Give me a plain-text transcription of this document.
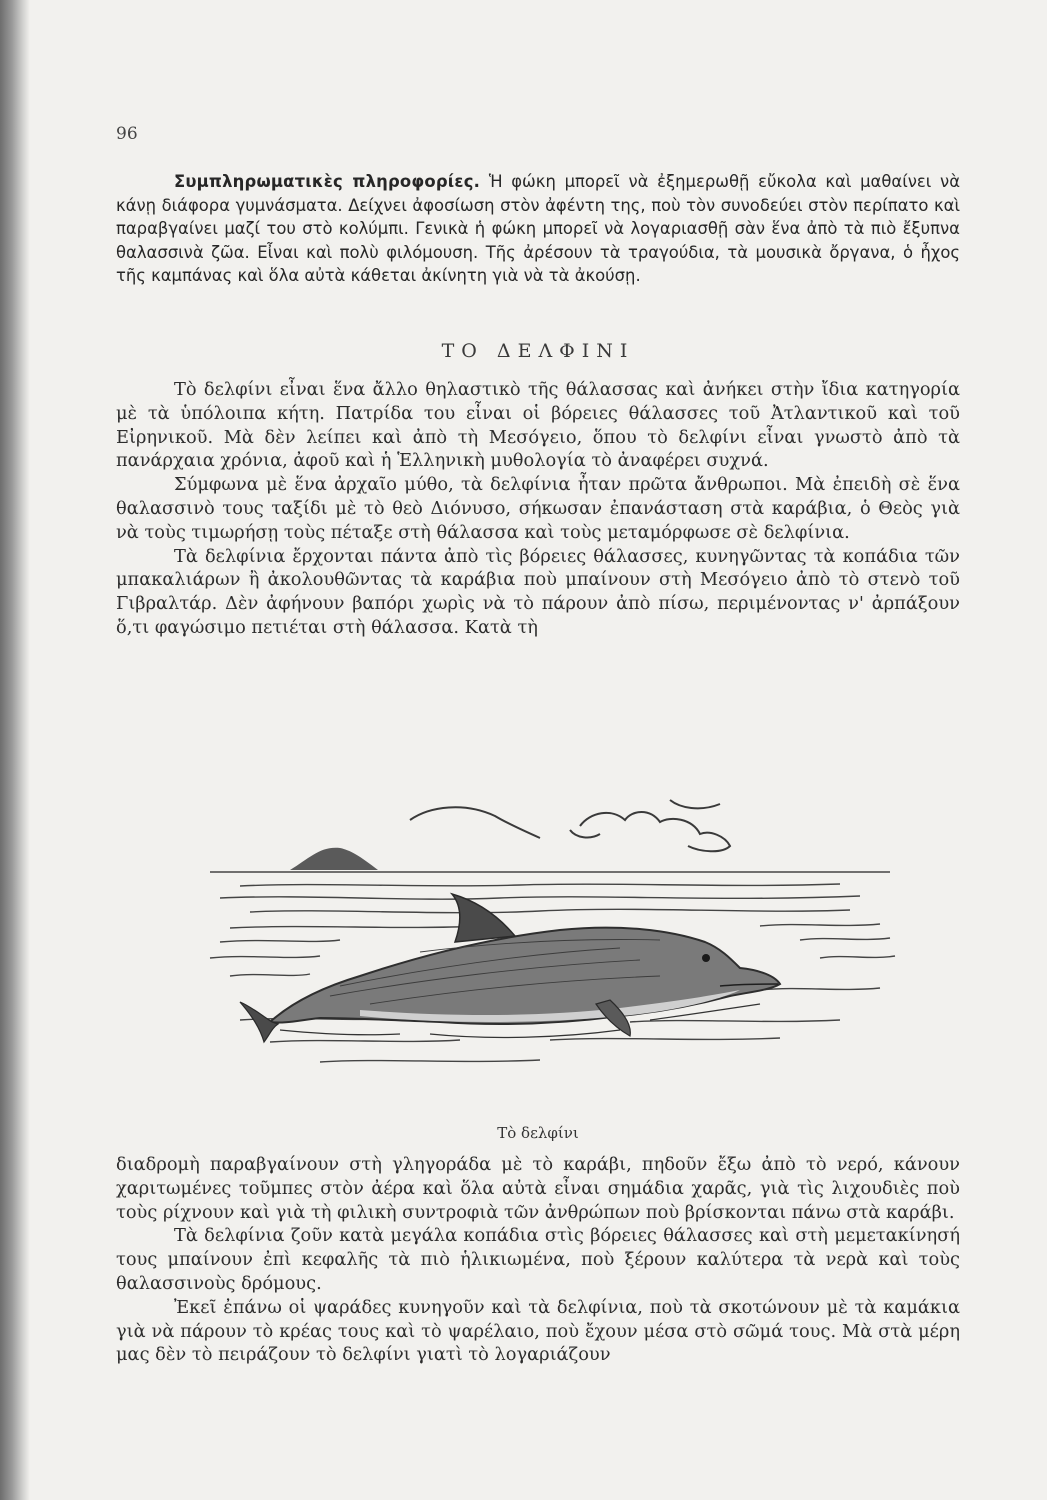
96

Συμπληρωματικὲς πληροφορίες. Ἡ φώκη μπορεῖ νὰ ἐξημερωθῇ εὔκολα καὶ μαθαίνει νὰ κάνῃ διάφορα γυμνάσματα. Δείχνει ἀφοσίωση στὸν ἀφέντη της, ποὺ τὸν συνοδεύει στὸν περίπατο καὶ παραβγαίνει μαζί του στὸ κολύμπι. Γενικὰ ἡ φώκη μπορεῖ νὰ λογαριασθῇ σὰν ἕνα ἀπὸ τὰ πιὸ ἔξυπνα θαλασσινὰ ζῶα. Εἶναι καὶ πολὺ φιλόμουση. Τῆς ἀρέσουν τὰ τραγούδια, τὰ μουσικὰ ὄργανα, ὁ ἦχος τῆς καμπάνας καὶ ὅλα αὐτὰ κάθεται ἀκίνητη γιὰ νὰ τὰ ἀκούσῃ.

ΤΟ ΔΕΛΦΙΝΙ

Τὸ δελφίνι εἶναι ἕνα ἄλλο θηλαστικὸ τῆς θάλασσας καὶ ἀνήκει στὴν ἴδια κατηγορία μὲ τὰ ὑπόλοιπα κήτη. Πατρίδα του εἶναι οἱ βόρειες θάλασσες τοῦ Ἀτλαντικοῦ καὶ τοῦ Εἰρηνικοῦ. Μὰ δὲν λείπει καὶ ἀπὸ τὴ Μεσόγειο, ὅπου τὸ δελφίνι εἶναι γνωστὸ ἀπὸ τὰ πανάρχαια χρόνια, ἀφοῦ καὶ ἡ Ἑλληνικὴ μυθολογία τὸ ἀναφέρει συχνά.

Σύμφωνα μὲ ἕνα ἀρχαῖο μύθο, τὰ δελφίνια ἦταν πρῶτα ἄνθρωποι. Μὰ ἐπειδὴ σὲ ἕνα θαλασσινὸ τους ταξίδι μὲ τὸ θεὸ Διόνυσο, σήκωσαν ἐπανάσταση στὰ καράβια, ὁ Θεὸς γιὰ νὰ τοὺς τιμωρήσῃ τοὺς πέταξε στὴ θάλασσα καὶ τοὺς μεταμόρφωσε σὲ δελφίνια.

Τὰ δελφίνια ἔρχονται πάντα ἀπὸ τὶς βόρειες θάλασσες, κυνηγῶντας τὰ κοπάδια τῶν μπακαλιάρων ἢ ἀκολουθῶντας τὰ καράβια ποὺ μπαίνουν στὴ Μεσόγειο ἀπὸ τὸ στενὸ τοῦ Γιβραλτάρ. Δὲν ἀφήνουν βαπόρι χωρὶς νὰ τὸ πάρουν ἀπὸ πίσω, περιμένοντας ν' ἀρπάξουν ὅ,τι φαγώσιμο πετιέται στὴ θάλασσα. Κατὰ τὴ

Τὸ δελφίνι

διαδρομὴ παραβγαίνουν στὴ γληγοράδα μὲ τὸ καράβι, πηδοῦν ἔξω ἀπὸ τὸ νερό, κάνουν χαριτωμένες τοῦμπες στὸν ἀέρα καὶ ὅλα αὐτὰ εἶναι σημάδια χαρᾶς, γιὰ τὶς λιχουδιὲς ποὺ τοὺς ρίχνουν καὶ γιὰ τὴ φιλικὴ συντροφιὰ τῶν ἀνθρώπων ποὺ βρίσκονται πάνω στὰ καράβι.

Τὰ δελφίνια ζοῦν κατὰ μεγάλα κοπάδια στὶς βόρειες θάλασσες καὶ στὴ μεμετακίνησή τους μπαίνουν ἐπὶ κεφαλῆς τὰ πιὸ ἡλικιωμένα, ποὺ ξέρουν καλύτερα τὰ νερὰ καὶ τοὺς θαλασσινοὺς δρόμους.

Ἐκεῖ ἐπάνω οἱ ψαράδες κυνηγοῦν καὶ τὰ δελφίνια, ποὺ τὰ σκοτώνουν μὲ τὰ καμάκια γιὰ νὰ πάρουν τὸ κρέας τους καὶ τὸ ψαρέλαιο, ποὺ ἔχουν μέσα στὸ σῶμά τους. Μὰ στὰ μέρη μας δὲν τὸ πειράζουν τὸ δελφίνι γιατὶ τὸ λογαριάζουν
